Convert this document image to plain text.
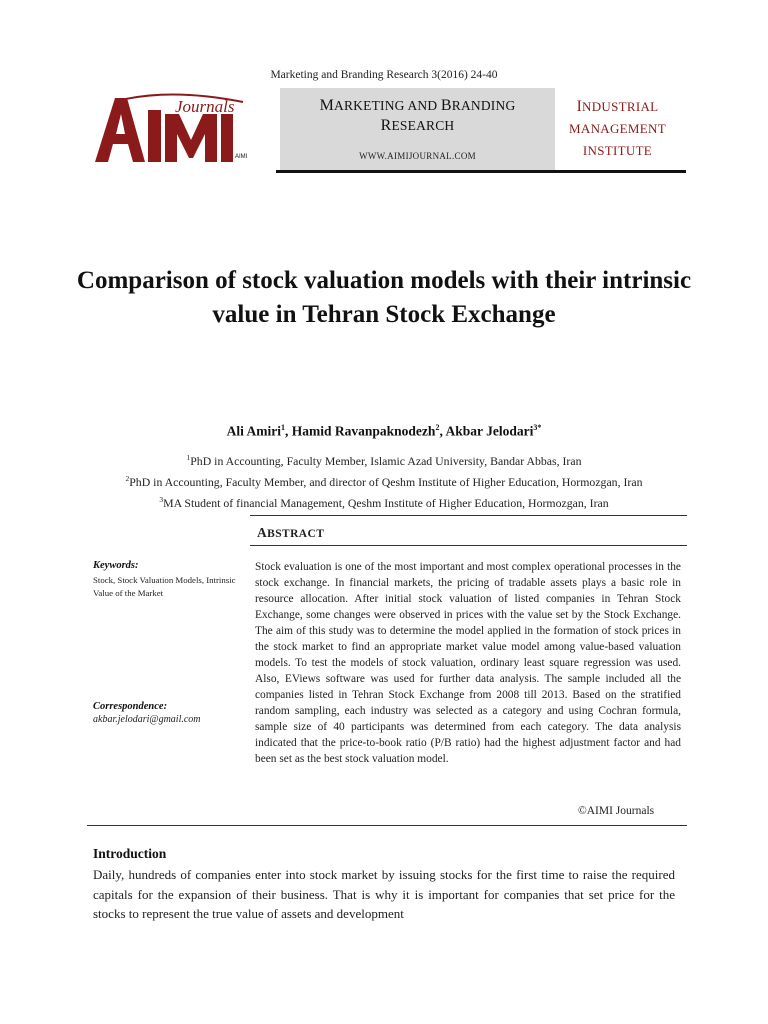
Marketing and Branding Research 3(2016) 24-40
Journals
AIMI
MARKETING AND BRANDING
RESEARCH
WWW.AIMIJOURNAL.COM
INDUSTRIAL
MANAGEMENT
INSTITUTE
Comparison of stock valuation models with their intrinsic value in Tehran Stock Exchange
Ali Amiri$^1$, Hamid Ravanpaknodezh$^2$, Akbar Jelodari$^{3*}$
$^1$PhD in Accounting, Faculty Member, Islamic Azad University, Bandar Abbas, Iran
$^2$PhD in Accounting, Faculty Member, and director of Qeshm Institute of Higher Education, Hormozgan, Iran
$^3$MA Student of financial Management, Qeshm Institute of Higher Education, Hormozgan, Iran
ABSTRACT
Keywords:
Stock, Stock Valuation Models, Intrinsic Value of the Market
Correspondence:
akbar.jelodari@gmail.com
Stock evaluation is one of the most important and most complex operational processes in the stock exchange. In financial markets, the pricing of tradable assets plays a basic role in resource allocation. After initial stock valuation of listed companies in Tehran Stock Exchange, some changes were observed in prices with the value set by the Stock Exchange. The aim of this study was to determine the model applied in the formation of stock prices in the stock market to find an appropriate market value model among value-based valuation models. To test the models of stock valuation, ordinary least square regression was used. Also, EViews software was used for further data analysis. The sample included all the companies listed in Tehran Stock Exchange from 2008 till 2013. Based on the stratified random sampling, each industry was selected as a category and using Cochran formula, sample size of 40 participants was determined from each category. The data analysis indicated that the price-to-book ratio (P/B ratio) had the highest adjustment factor and had been set as the best stock valuation model.
©AIMI Journals
Introduction
Daily, hundreds of companies enter into stock market by issuing stocks for the first time to raise the required capitals for the expansion of their business. That is why it is important for companies that set price for the stocks to represent the true value of assets and development
